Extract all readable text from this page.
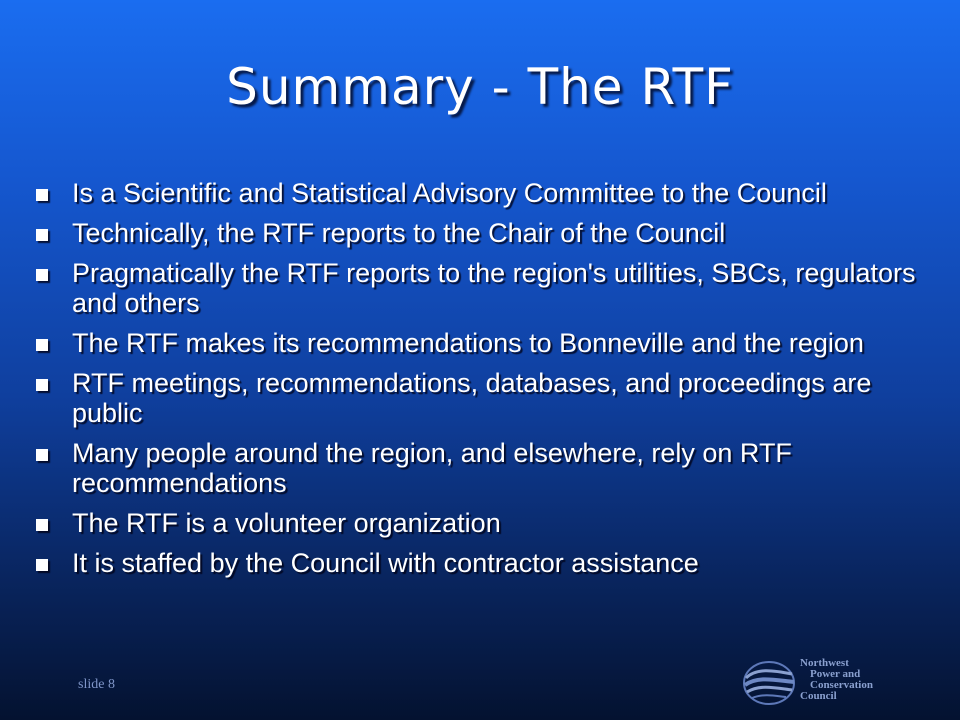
Summary - The RTF
Is a Scientific and Statistical Advisory Committee to the Council
Technically, the RTF reports to the Chair of the Council
Pragmatically the RTF reports to the region's utilities, SBCs, regulators and others
The RTF makes its recommendations to Bonneville and the region
RTF meetings, recommendations, databases, and proceedings are public
Many people around the region, and elsewhere, rely on RTF recommendations
The RTF is a volunteer organization
It is staffed by the Council with contractor assistance
slide 8
Northwest
Power and
Conservation
Council
